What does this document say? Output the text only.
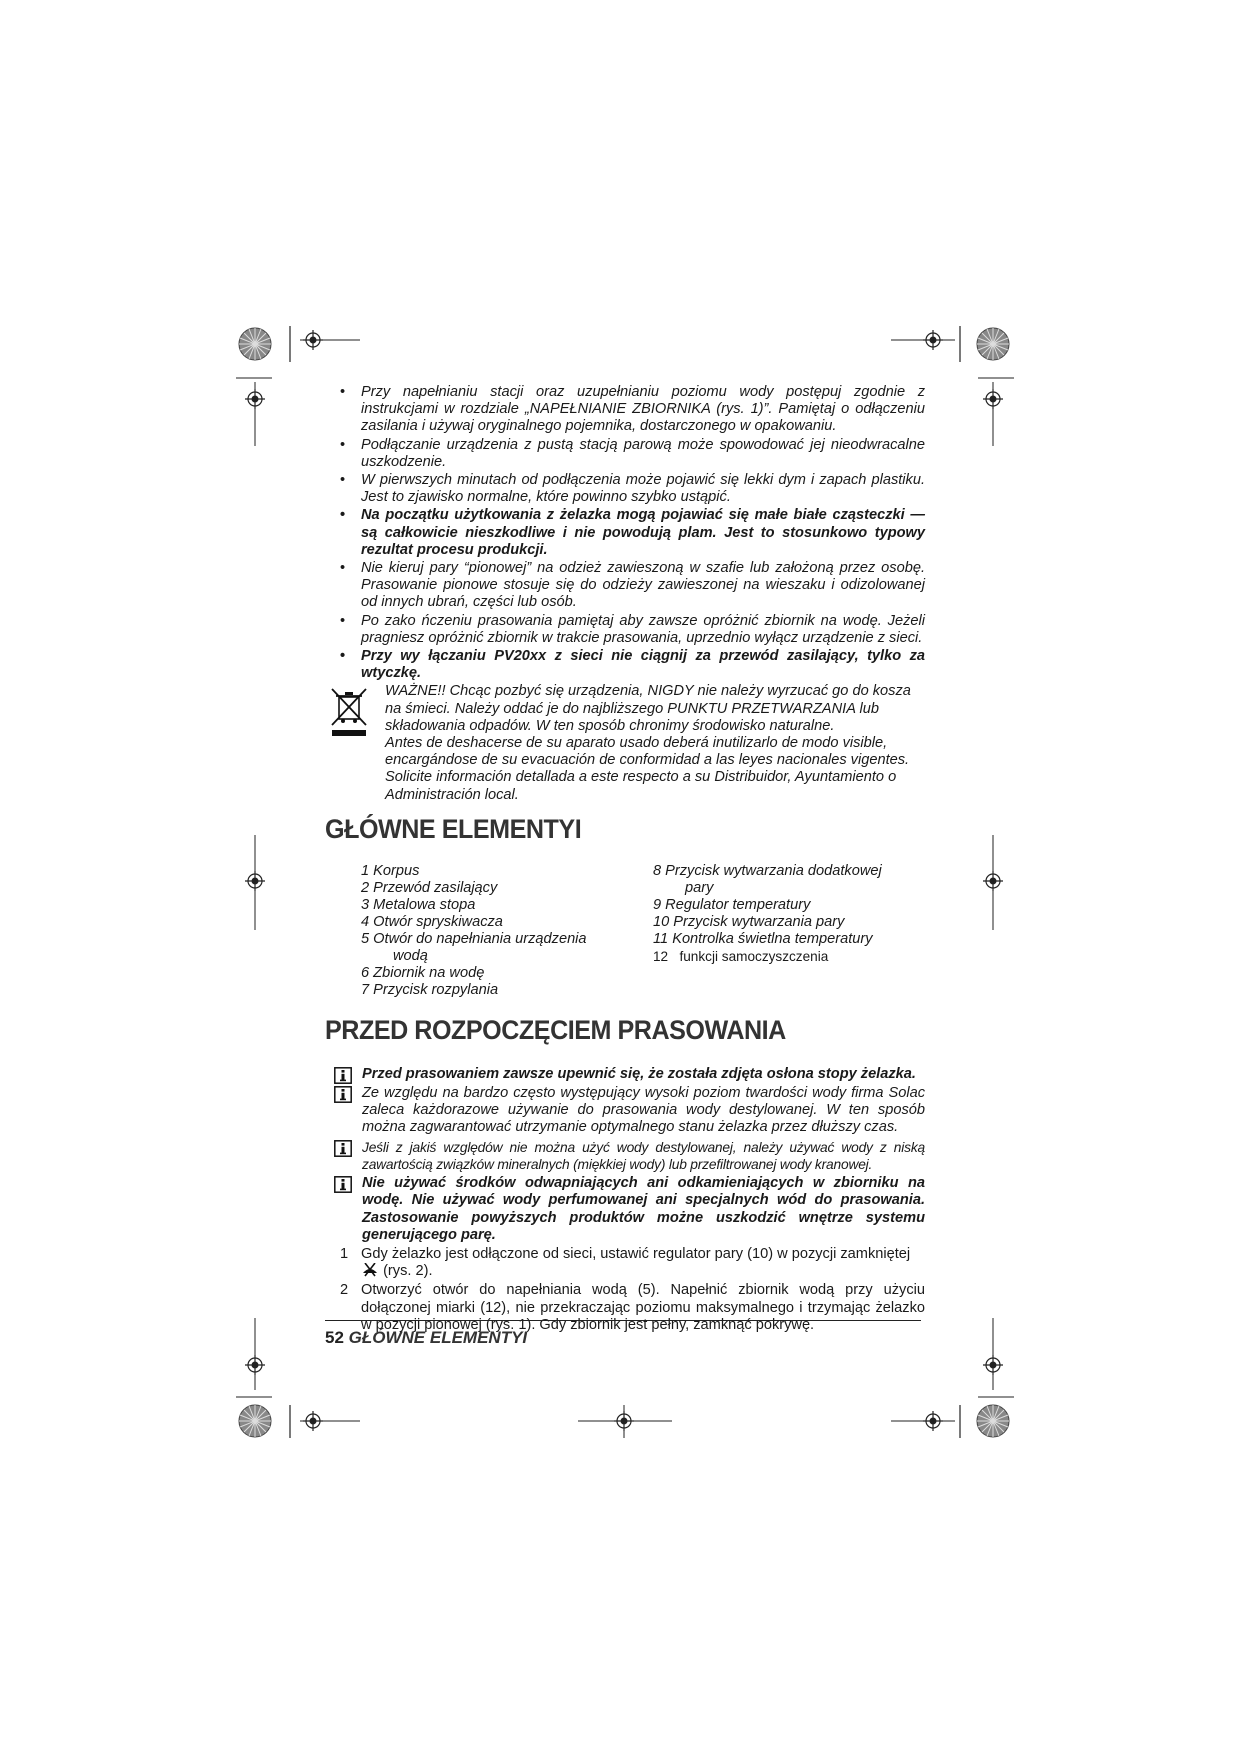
• Przy napełnianiu stacji oraz uzupełnianiu poziomu wody postępuj zgodnie z instrukcjami w rozdziale „NAPEŁNIANIE ZBIORNIKA (rys. 1)”. Pamiętaj o odłączeniu zasilania i używaj oryginalnego pojemnika, dostarczonego w opakowaniu.
• Podłączanie urządzenia z pustą stacją parową może spowodować jej nieodwracalne uszkodzenie.
• W pierwszych minutach od podłączenia może pojawić się lekki dym i zapach plastiku. Jest to zjawisko normalne, które powinno szybko ustąpić.
• Na początku użytkowania z żelazka mogą pojawiać się małe białe cząsteczki — są całkowicie nieszkodliwe i nie powodują plam. Jest to stosunkowo typowy rezultat procesu produkcji.
• Nie kieruj pary “pionowej” na odzież zawieszoną w szafie lub założoną przez osobę. Prasowanie pionowe stosuje się do odzieży zawieszonej na wieszaku i odizolowanej od innych ubrań, części lub osób.
• Po zako ńczeniu prasowania pamiętaj aby zawsze opróżnić zbiornik na wodę. Jeżeli pragniesz opróżnić zbiornik w trakcie prasowania, uprzednio wyłącz urządzenie z sieci.
• Przy wy łączaniu PV20xx z sieci nie ciągnij za przewód zasilający, tylko za wtyczkę.

WAŻNE!! Chcąc pozbyć się urządzenia, NIGDY nie należy wyrzucać go do kosza na śmieci. Należy oddać je do najbliższego PUNKTU PRZETWARZANIA lub składowania odpadów. W ten sposób chronimy środowisko naturalne.

Antes de deshacerse de su aparato usado deberá inutilizarlo de modo visible, encargándose de su evacuación de conformidad a las leyes nacionales vigentes. Solicite información detallada a este respecto a su Distribuidor, Ayuntamiento o Administración local.

GŁÓWNE ELEMENTYI
1 Korpus
2 Przewód zasilający
3 Metalowa stopa
4 Otwór spryskiwacza
5 Otwór do napełniania urządzenia
wodą
6 Zbiornik na wodę
7 Przycisk rozpylania
8 Przycisk wytwarzania dodatkowej
pary
9 Regulator temperatury
10 Przycisk wytwarzania pary
11 Kontrolka świetlna temperatury
12 funkcji samoczyszczenia
PRZED ROZPOCZĘCIEM PRASOWANIA
Przed prasowaniem zawsze upewnić się, że została zdjęta osłona stopy żelazka.
Ze względu na bardzo często występujący wysoki poziom twardości wody firma Solac zaleca każdorazowe używanie do prasowania wody destylowanej. W ten sposób można zagwarantować utrzymanie optymalnego stanu żelazka przez dłuższy czas.
Jeśli z jakiś względów nie można użyć wody destylowanej, należy używać wody z niską zawartością związków mineralnych (miękkiej wody) lub przefiltrowanej wody kranowej.
Nie używać środków odwapniających ani odkamieniających w zbiorniku na wodę. Nie używać wody perfumowanej ani specjalnych wód do prasowania. Zastosowanie powyższych produktów możne uszkodzić wnętrze systemu generującego parę.
1 Gdy żelazko jest odłączone od sieci, ustawić regulator pary (10) w pozycji zamkniętej
(rys. 2).
2 Otworzyć otwór do napełniania wodą (5). Napełnić zbiornik wodą przy użyciu dołączonej miarki (12), nie przekraczając poziomu maksymalnego i trzymając żelazko w pozycji pionowej (rys. 1). Gdy zbiornik jest pełny, zamknąć pokrywę.
52 GŁÓWNE ELEMENTYI
